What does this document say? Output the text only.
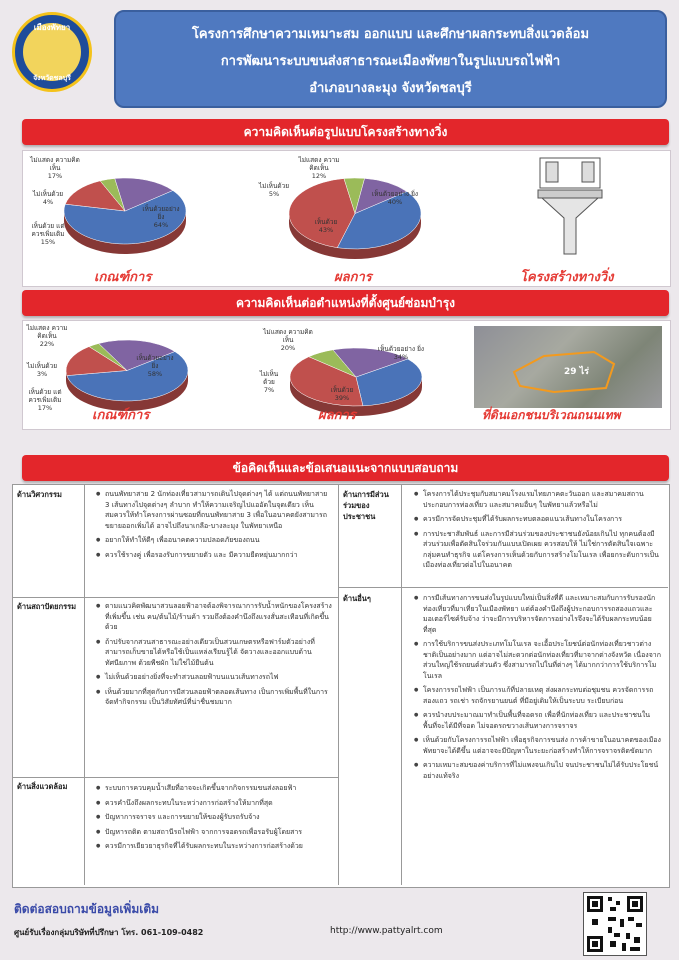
เมืองพัทยา
จังหวัดชลบุรี
โครงการศึกษาความเหมาะสม ออกแบบ และศึกษาผลกระทบสิ่งแวดล้อม
การพัฒนาระบบขนส่งสาธารณะเมืองพัทยาในรูปแบบรถไฟฟ้า
อำเภอบางละมุง จังหวัดชลบุรี
ความคิดเห็นต่อรูปแบบโครงสร้างทางวิ่ง
ไม่แสดง ความคิดเห็น
17%
ไม่เห็นด้วย
4%
เห็นด้วย แต่ ควรเพิ่มเติม
15%
เห็นด้วยอย่าง ยิ่ง
64%
เกณฑ์การ
ไม่แสดง ความคิดเห็น
12%
ไม่เห็นด้วย
5%
เห็นด้วย
43%
เห็นด้วยอย่าง ยิ่ง
40%
ผลการ	โครงสร้างทางวิ่ง
ความคิดเห็นต่อตำแหน่งที่ตั้งศูนย์ซ่อมบำรุง
ไม่แสดง ความคิดเห็น
22%
ไม่เห็นด้วย
3%
เห็นด้วย แต่ ควรเพิ่มเติม
17%
เห็นด้วยอย่าง ยิ่ง
58%
เกณฑ์การ
ไม่แสดง ความคิดเห็น
20%
ไม่เห็น ด้วย
7%	เห็นด้วย
39%
เห็นด้วยอย่าง ยิ่ง
34%
ผลการ
29 ไร่
ที่ดินเอกชนบริเวณถนนเทพ
ข้อคิดเห็นและข้อเสนอแนะจากแบบสอบถาม
ด้านวิศวกรรม	● ถนนพัทยาสาย 2 นักท่องเที่ยวสามารถเดินไปจุดต่างๆ ได้ แต่ถนนพัทยาสาย 3 เส้นทางไปจุดต่างๆ ลำบาก ทำให้ความเจริญไปแออัดในจุดเดียว เห็นสมควรให้ทำโครงการผ่านซอยที่ถนนพัทยาสาย 3 เพื่อในอนาคตยังสามารถขยายออกเพิ่มได้ อาจไปถึงนาเกลือ-บางละมุง ในพัทยาเหนือ
● อยากให้ทำให้ดีๆ เพื่ออนาคตความปลอดภัยของถนน
● ควรใช้รางคู่ เพื่อรองรับการขยายตัว และ มีความยืดหยุ่นมากกว่า
ด้านสถาปัตยกรรม	● ตามแนวคิดพัฒนาสวนลอยฟ้าอาจต้องพิจารณาการรับน้ำหนักของโครงสร้างที่เพิ่มขึ้น เช่น คน/ต้นไม้/ร้านค้า รวมถึงต้องคำนึงถึงแรงสั่นสะเทือนที่เกิดขึ้นด้วย
● ถ้าปรับจากสวนสาธารณะอย่างเดียวเป็นสวนเกษตรหรือฟาร์มตัวอย่างที่สามารถเก็บขายได้หรือใช้เป็นแหล่งเรียนรู้ได้ จัดวางและออกแบบด้านทัศนียภาพ ด้วยพืชผัก ไม่ใช่ไม้ยืนต้น
● ไม่เห็นด้วยอย่างยิ่งที่จะทำสวนลอยฟ้าบนแนวเส้นทางรถไฟ
● เห็นด้วยมากที่สุดกับการมีสวนลอยฟ้าตลอดเส้นทาง เป็นการเพิ่มพื้นที่ในการจัดทำกิจกรรม เป็นวิสัยทัศน์ที่น่าชื่นชมมาก
ด้านสิ่งแวดล้อม	● ระบบการควบคุมน้ำเสียที่อาจจะเกิดขึ้นจากกิจกรรมขนส่งลอยฟ้า
● ควรคำนึงถึงผลกระทบในระหว่างการก่อสร้างให้มากที่สุด
● ปัญหาการจราจร และการขยายให้ของผู้รับรถรับจ้าง
● ปัญหารถติด ตามสถานีรถไฟฟ้า จากการจอดรถเพื่อรอรับผู้โดยสาร
● ควรมีการเยียวยาธุรกิจที่ได้รับผลกระทบในระหว่างการก่อสร้างด้วย
ด้านการมีส่วนร่วมของประชาชน
● โครงการได้ประชุมกับสมาคมโรงแรมไทยภาคตะวันออก และสมาคมสถานประกอบการท่องเที่ยว และสมาคมอื่นๆ ในพัทยาแล้วหรือไม่
● ควรมีการจัดประชุมที่ได้รับผลกระทบตลอดแนวเส้นทางในโครงการ
● การประชาสัมพันธ์ และการมีส่วนร่วมของประชาชนยังน้อยเกินไป ทุกคนต้องมีส่วนร่วมเพื่อตัดสินใจร่วมกันแบบเปิดเผย ควรสอบให้ ไม่ใช่การตัดสินใจเฉพาะกลุ่มคนทำธุรกิจ แต่โครงการเห็นด้วยกับการสร้างโมโนเรล เพื่อยกระดับการเป็นเมืองท่องเที่ยวต่อไปในอนาคต
ด้านอื่นๆ	● การมีเส้นทางการขนส่งในรูปแบบใหม่เป็นสิ่งที่ดี และเหมาะสมกับการรับรองนักท่องเที่ยวที่มาเที่ยวในเมืองพัทยา แต่ต้องคำนึงถึงผู้ประกอบการรถสองแถวและมอเตอร์ไซค์รับจ้าง ว่าจะมีการบริหารจัดการอย่างไรจึงจะได้รับผลกระทบน้อยที่สุด
● การใช้บริการขนส่งประเภทโมโนเรล จะเอื้อประโยชน์ต่อนักท่องเที่ยวชาวต่างชาติเป็นอย่างมาก แต่อาจไม่สะดวกต่อนักท่องเที่ยวที่มาจากต่างจังหวัด เนื่องจากส่วนใหญ่ใช้รถยนต์ส่วนตัว ซึ่งสามารถไปในที่ต่างๆ ได้มากกว่าการใช้บริการโมโนเรล
● โครงการรถไฟฟ้า เป็นการแก้ที่ปลายเหตุ ส่งผลกระทบต่อชุมชน ควรจัดการรถสองแถว รถเช่า รถจักรยานยนต์ ที่มีอยู่เดิมให้เป็นระบบ ระเบียบก่อน
● ควรนำงบประมาณมาทำเป็นพื้นที่จอดรถ เพื่อที่นักท่องเที่ยว และประชาชนในพื้นที่จะได้มีที่จอด ไม่จอดรถขวางเส้นทางการจราจร
● เห็นด้วยกับโครงการรถไฟฟ้า เพื่อธุรกิจการขนส่ง การค้าขายในอนาคตของเมืองพัทยาจะได้ดีขึ้น แต่อาจจะมีปัญหาในระยะก่อสร้างทำให้การจราจรติดขัดมาก
● ความเหมาะสมของค่าบริการที่ไม่แพงจนเกินไป จนประชาชนไม่ได้รับประโยชน์อย่างแท้จริง
ติดต่อสอบถามข้อมูลเพิ่มเติม
ศูนย์รับเรื่องกลุ่มบริษัทที่ปรึกษา โทร. 061-109-0482	http://www.pattyalrt.com
